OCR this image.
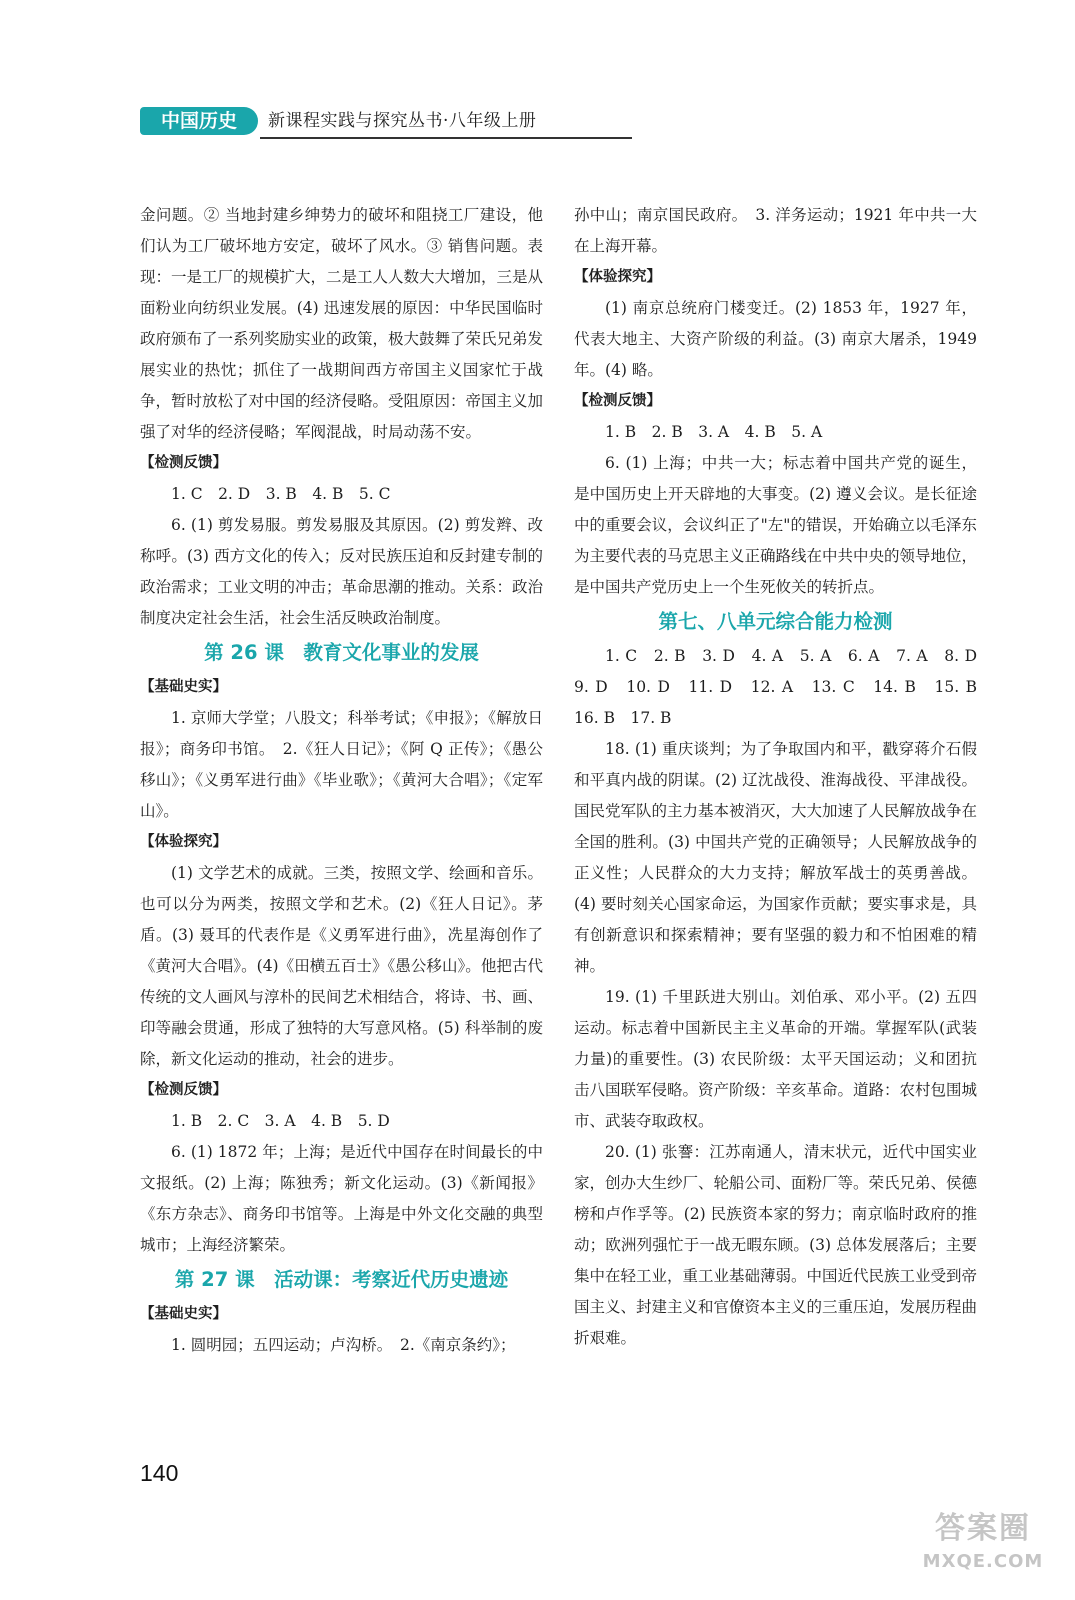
中国历史	新课程实践与探究丛书·八年级上册

金问题。② 当地封建乡绅势力的破坏和阻挠工厂建设，他们认为工厂破坏地方安定，破坏了风水。③ 销售问题。表现：一是工厂的规模扩大，二是工人人数大大增加，三是从面粉业向纺织业发展。(4) 迅速发展的原因：中华民国临时政府颁布了一系列奖励实业的政策，极大鼓舞了荣氏兄弟发展实业的热忱；抓住了一战期间西方帝国主义国家忙于战争，暂时放松了对中国的经济侵略。受阻原因：帝国主义加强了对华的经济侵略；军阀混战，时局动荡不安。

【检测反馈】

1. C　2. D　3. B　4. B　5. C

6. (1) 剪发易服。剪发易服及其原因。(2) 剪发辫、改称呼。(3) 西方文化的传入；反对民族压迫和反封建专制的政治需求；工业文明的冲击；革命思潮的推动。关系：政治制度决定社会生活，社会生活反映政治制度。

第 26 课　教育文化事业的发展

【基础史实】

1. 京师大学堂；八股文；科举考试；《申报》；《解放日报》；商务印书馆。　2.《狂人日记》；《阿 Q 正传》；《愚公移山》；《义勇军进行曲》《毕业歌》；《黄河大合唱》；《定军山》。

【体验探究】

(1) 文学艺术的成就。三类，按照文学、绘画和音乐。也可以分为两类，按照文学和艺术。(2)《狂人日记》。茅盾。(3) 聂耳的代表作是《义勇军进行曲》，冼星海创作了《黄河大合唱》。(4)《田横五百士》《愚公移山》。他把古代传统的文人画风与淳朴的民间艺术相结合，将诗、书、画、印等融会贯通，形成了独特的大写意风格。(5) 科举制的废除，新文化运动的推动，社会的进步。

【检测反馈】

1. B　2. C　3. A　4. B　5. D

6. (1) 1872 年；上海；是近代中国存在时间最长的中文报纸。(2) 上海；陈独秀；新文化运动。(3)《新闻报》《东方杂志》、商务印书馆等。上海是中外文化交融的典型城市；上海经济繁荣。

第 27 课　活动课：考察近代历史遗迹

【基础史实】

1. 圆明园；五四运动；卢沟桥。　2.《南京条约》；

孙中山；南京国民政府。　3. 洋务运动；1921 年中共一大在上海开幕。

【体验探究】

(1) 南京总统府门楼变迁。(2) 1853 年，1927 年，代表大地主、大资产阶级的利益。(3) 南京大屠杀，1949 年。(4) 略。

【检测反馈】

1. B　2. B　3. A　4. B　5. A

6. (1) 上海；中共一大；标志着中国共产党的诞生，是中国历史上开天辟地的大事变。(2) 遵义会议。是长征途中的重要会议，会议纠正了"左"的错误，开始确立以毛泽东为主要代表的马克思主义正确路线在中共中央的领导地位，是中国共产党历史上一个生死攸关的转折点。

第七、八单元综合能力检测

1. C　2. B　3. D　4. A　5. A　6. A　7. A　8. D　9. D　10. D　11. D　12. A　13. C　14. B　15. B　16. B　17. B

18. (1) 重庆谈判；为了争取国内和平，戳穿蒋介石假和平真内战的阴谋。(2) 辽沈战役、淮海战役、平津战役。国民党军队的主力基本被消灭，大大加速了人民解放战争在全国的胜利。(3) 中国共产党的正确领导；人民解放战争的正义性；人民群众的大力支持；解放军战士的英勇善战。(4) 要时刻关心国家命运，为国家作贡献；要实事求是，具有创新意识和探索精神；要有坚强的毅力和不怕困难的精神。

19. (1) 千里跃进大别山。刘伯承、邓小平。(2) 五四运动。标志着中国新民主主义革命的开端。掌握军队(武装力量)的重要性。(3) 农民阶级：太平天国运动；义和团抗击八国联军侵略。资产阶级：辛亥革命。道路：农村包围城市、武装夺取政权。

20. (1) 张謇：江苏南通人，清末状元，近代中国实业家，创办大生纱厂、轮船公司、面粉厂等。荣氏兄弟、侯德榜和卢作孚等。(2) 民族资本家的努力；南京临时政府的推动；欧洲列强忙于一战无暇东顾。(3) 总体发展落后；主要集中在轻工业，重工业基础薄弱。中国近代民族工业受到帝国主义、封建主义和官僚资本主义的三重压迫，发展历程曲折艰难。

140
答案圈
MXQE.COM
